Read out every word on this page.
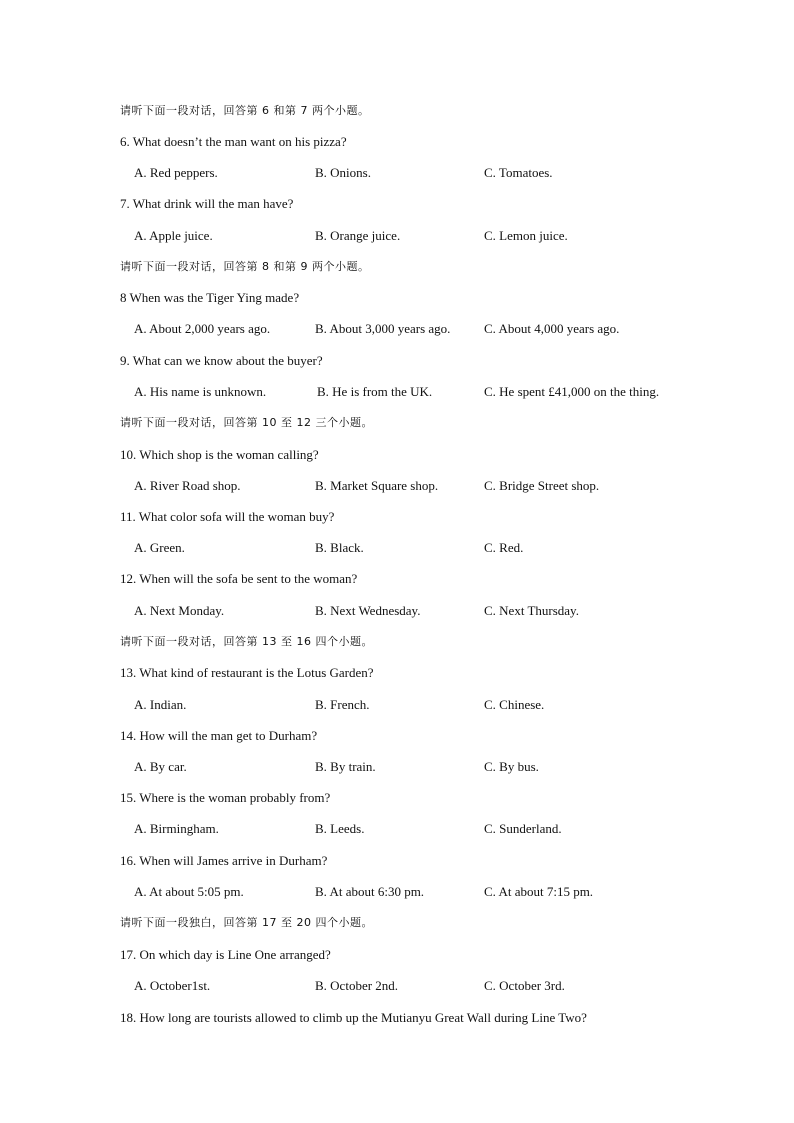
请听下面一段对话，回答第 6 和第 7 两个小题。
6. What doesn’t the man want on his pizza?
A. Red peppers.	B. Onions.	C. Tomatoes.
7. What drink will the man have?
A. Apple juice.	B. Orange juice.	C. Lemon juice.
请听下面一段对话，回答第 8 和第 9 两个小题。
8 When was the Tiger Ying made?
A. About 2,000 years ago.	B. About 3,000 years ago.	C. About 4,000 years ago.
9. What can we know about the buyer?
A. His name is unknown.	B. He is from the UK.	C. He spent £41,000 on the thing.
请听下面一段对话，回答第 10 至 12 三个小题。
10. Which shop is the woman calling?
A. River Road shop.	B. Market Square shop.	C. Bridge Street shop.
11. What color sofa will the woman buy?
A. Green.	B. Black.	C. Red.
12. When will the sofa be sent to the woman?
A. Next Monday.	B. Next Wednesday.	C. Next Thursday.
请听下面一段对话，回答第 13 至 16 四个小题。
13. What kind of restaurant is the Lotus Garden?
A. Indian.	B. French.	C. Chinese.
14. How will the man get to Durham?
A. By car.	B. By train.	C. By bus.
15. Where is the woman probably from?
A. Birmingham.	B. Leeds.	C. Sunderland.
16. When will James arrive in Durham?
A. At about 5:05 pm.	B. At about 6:30 pm.	C. At about 7:15 pm.
请听下面一段独白，回答第 17 至 20 四个小题。
17. On which day is Line One arranged?
A. October1st.	B. October 2nd.	C. October 3rd.
18. How long are tourists allowed to climb up the Mutianyu Great Wall during Line Two?
